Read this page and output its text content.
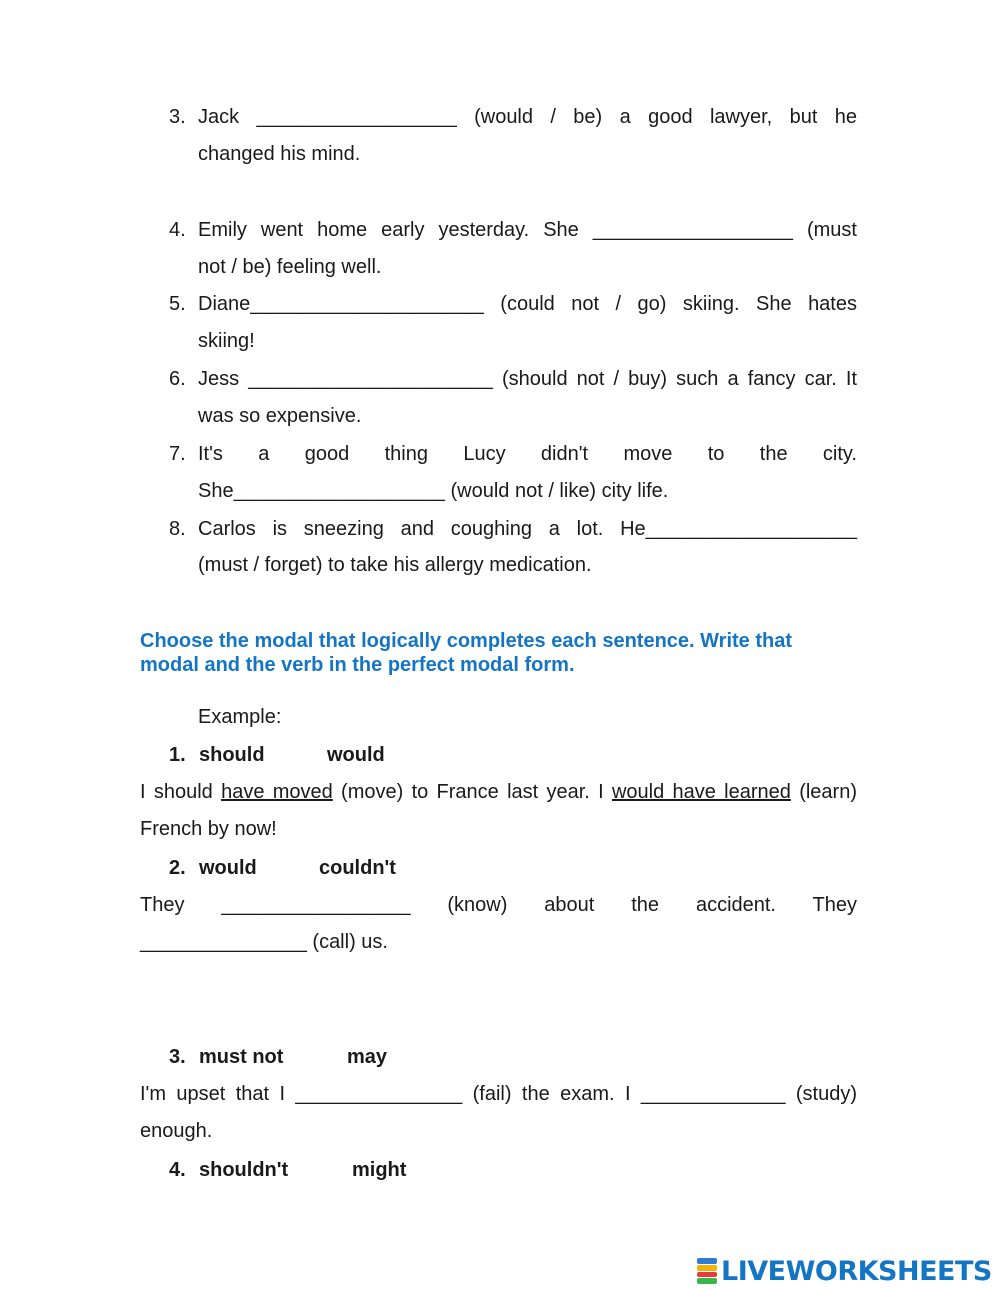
3. Jack __________________ (would / be) a good lawyer, but he
changed his mind.
4. Emily went home early yesterday. She __________________ (must
not / be) feeling well.
5. Diane_____________________ (could not / go) skiing. She hates
skiing!
6. Jess ______________________ (should not / buy) such a fancy car. It
was so expensive.
7. It's a good thing Lucy didn't move to the city.
She___________________ (would not / like) city life.
8. Carlos is sneezing and coughing a lot. He___________________
(must / forget) to take his allergy medication.
Choose the modal that logically completes each sentence. Write that
modal and the verb in the perfect modal form.
Example:
1. should	would
I should have moved (move) to France last year. I would have learned (learn)
French by now!
2. would	couldn't
They _________________ (know) about the accident. They
_______________ (call) us.
3. must not	may
I'm upset that I _______________ (fail) the exam. I _____________ (study)
enough.
4. shouldn't	might
LIVEWORKSHEETS
